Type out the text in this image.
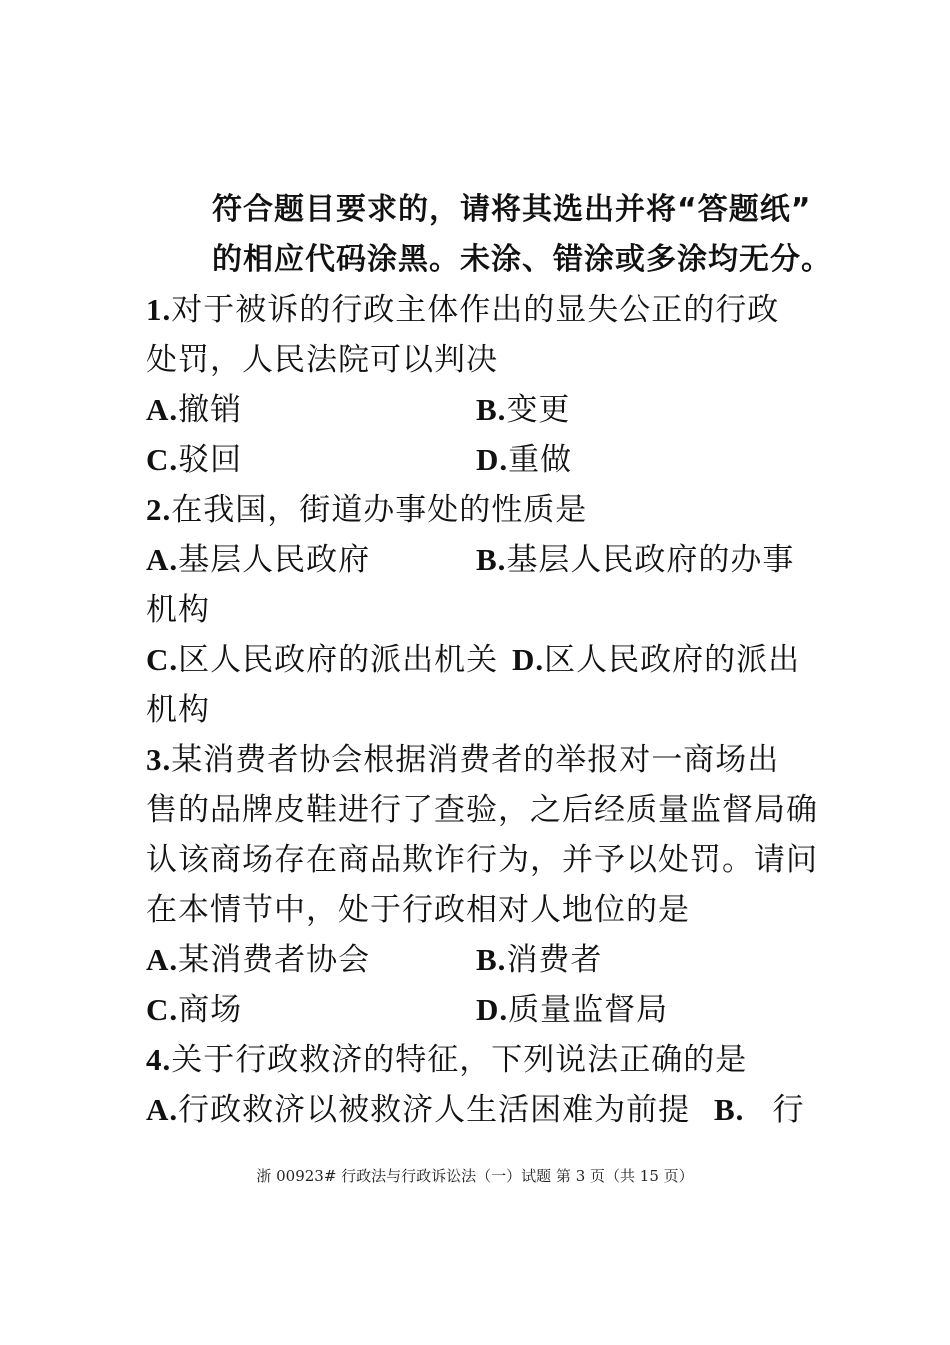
符合题目要求的，请将其选出并将“答题纸”
的相应代码涂黑。未涂、错涂或多涂均无分。
1.对于被诉的行政主体作出的显失公正的行政
处罚，人民法院可以判决
A.撤销	B.变更
C.驳回	D.重做
2.在我国，街道办事处的性质是
A.基层人民政府	B.基层人民政府的办事
机构
C.区人民政府的派出机关 D.区人民政府的派出
机构
3.某消费者协会根据消费者的举报对一商场出
售的品牌皮鞋进行了查验，之后经质量监督局确
认该商场存在商品欺诈行为，并予以处罚。请问
在本情节中，处于行政相对人地位的是
A.某消费者协会	B.消费者
C.商场	D.质量监督局
4.关于行政救济的特征，下列说法正确的是
A.行政救济以被救济人生活困难为前提 B. 行
浙 00923# 行政法与行政诉讼法（一）试题 第 3 页（共 15 页）
